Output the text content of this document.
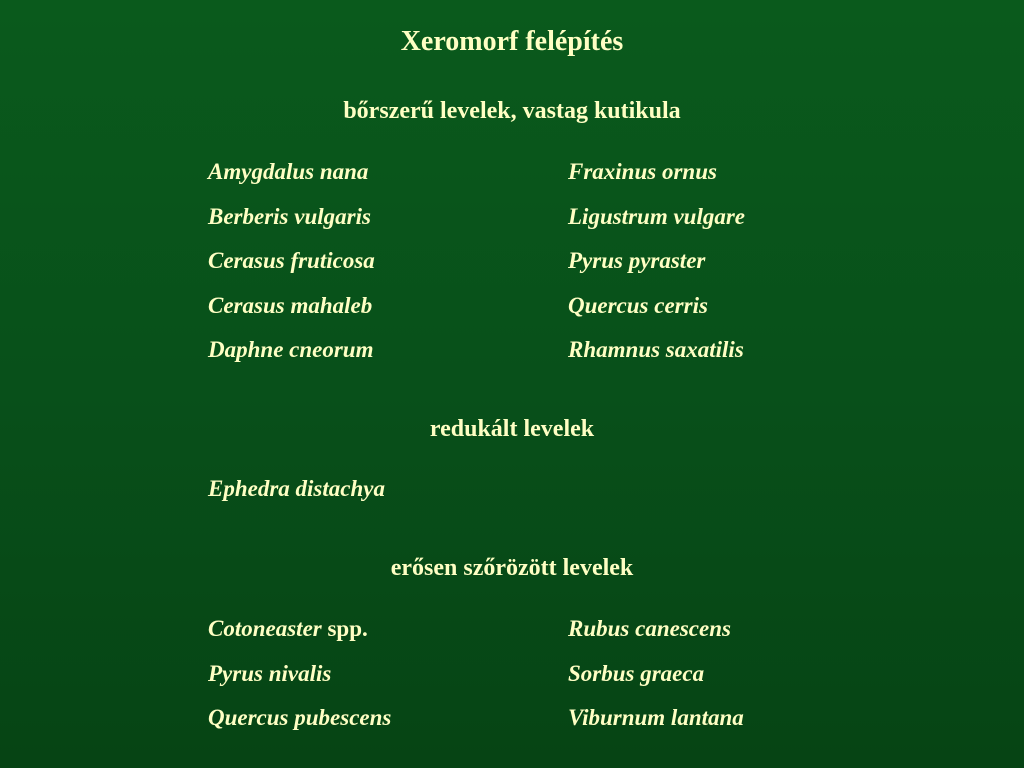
Xeromorf felépítés
bőrszerű levelek, vastag kutikula
Amygdalus nana
Berberis vulgaris
Cerasus fruticosa
Cerasus mahaleb
Daphne cneorum
Fraxinus ornus
Ligustrum vulgare
Pyrus pyraster
Quercus cerris
Rhamnus saxatilis
redukált levelek
Ephedra distachya
erősen szőrözött levelek
Cotoneaster spp.
Pyrus nivalis
Quercus pubescens
Rubus canescens
Sorbus graeca
Viburnum lantana
